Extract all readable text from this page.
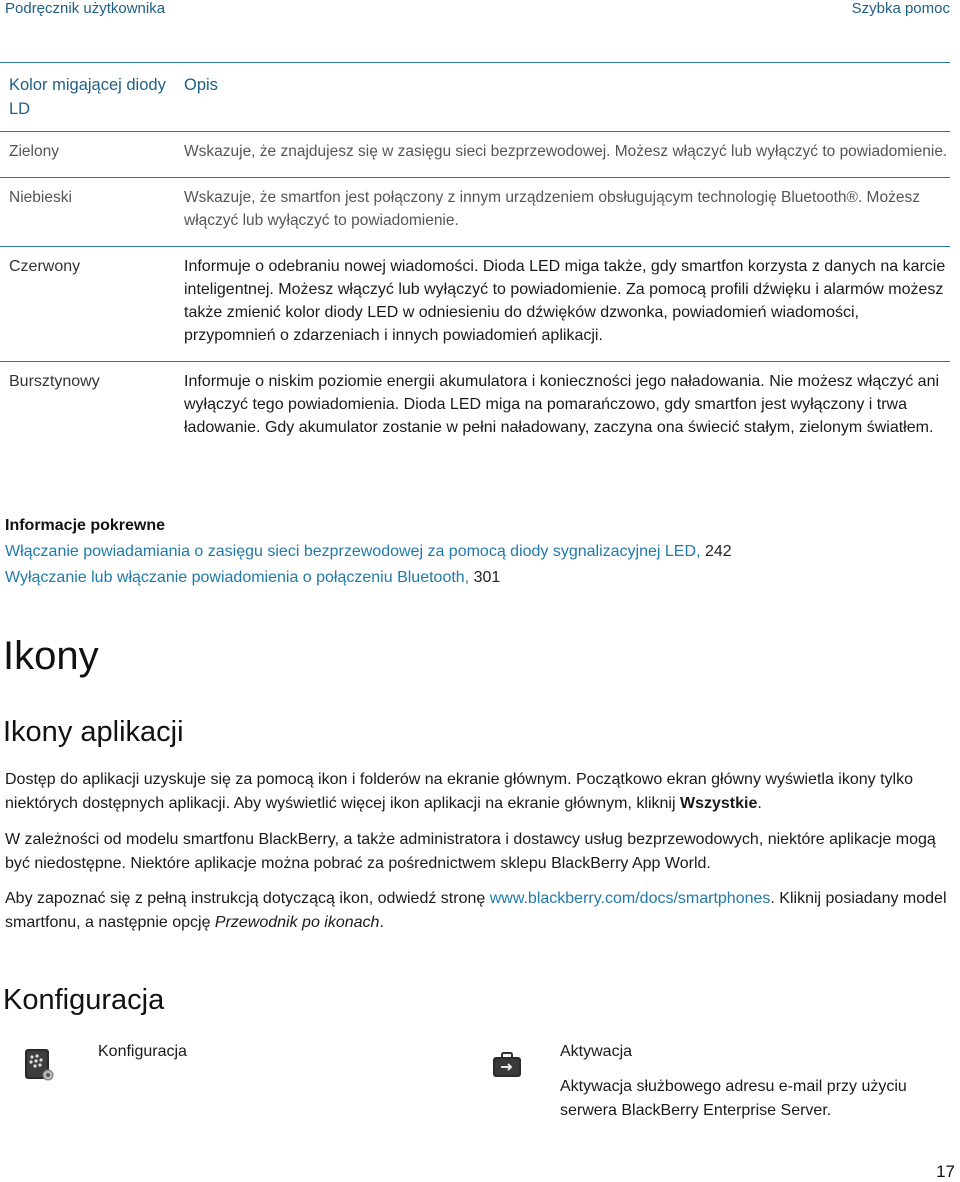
Podręcznik użytkownika	Szybka pomoc
Kolor migającej diody LD	Opis
Zielony	Wskazuje, że znajdujesz się w zasięgu sieci bezprzewodowej. Możesz włączyć lub wyłączyć to powiadomienie.
Niebieski	Wskazuje, że smartfon jest połączony z innym urządzeniem obsługującym technologię Bluetooth®. Możesz włączyć lub wyłączyć to powiadomienie.
Czerwony	Informuje o odebraniu nowej wiadomości. Dioda LED miga także, gdy smartfon korzysta z danych na karcie inteligentnej. Możesz włączyć lub wyłączyć to powiadomienie. Za pomocą profili dźwięku i alarmów możesz także zmienić kolor diody LED w odniesieniu do dźwięków dzwonka, powiadomień wiadomości, przypomnień o zdarzeniach i innych powiadomień aplikacji.
Bursztynowy	Informuje o niskim poziomie energii akumulatora i konieczności jego naładowania. Nie możesz włączyć ani wyłączyć tego powiadomienia. Dioda LED miga na pomarańczowo, gdy smartfon jest wyłączony i trwa ładowanie. Gdy akumulator zostanie w pełni naładowany, zaczyna ona świecić stałym, zielonym światłem.
Informacje pokrewne
Włączanie powiadamiania o zasięgu sieci bezprzewodowej za pomocą diody sygnalizacyjnej LED, 242
Wyłączanie lub włączanie powiadomienia o połączeniu Bluetooth, 301
Ikony
Ikony aplikacji

Dostęp do aplikacji uzyskuje się za pomocą ikon i folderów na ekranie głównym. Początkowo ekran główny wyświetla ikony tylko niektórych dostępnych aplikacji. Aby wyświetlić więcej ikon aplikacji na ekranie głównym, kliknij Wszystkie.

W zależności od modelu smartfonu BlackBerry, a także administratora i dostawcy usług bezprzewodowych, niektóre aplikacje mogą być niedostępne. Niektóre aplikacje można pobrać za pośrednictwem sklepu BlackBerry App World.

Aby zapoznać się z pełną instrukcją dotyczącą ikon, odwiedź stronę www.blackberry.com/docs/smartphones. Kliknij posiadany model smartfonu, a następnie opcję Przewodnik po ikonach.

Konfiguracja
Konfiguracja	Aktywacja
Aktywacja służbowego adresu e-mail przy użyciu serwera BlackBerry Enterprise Server.
17
